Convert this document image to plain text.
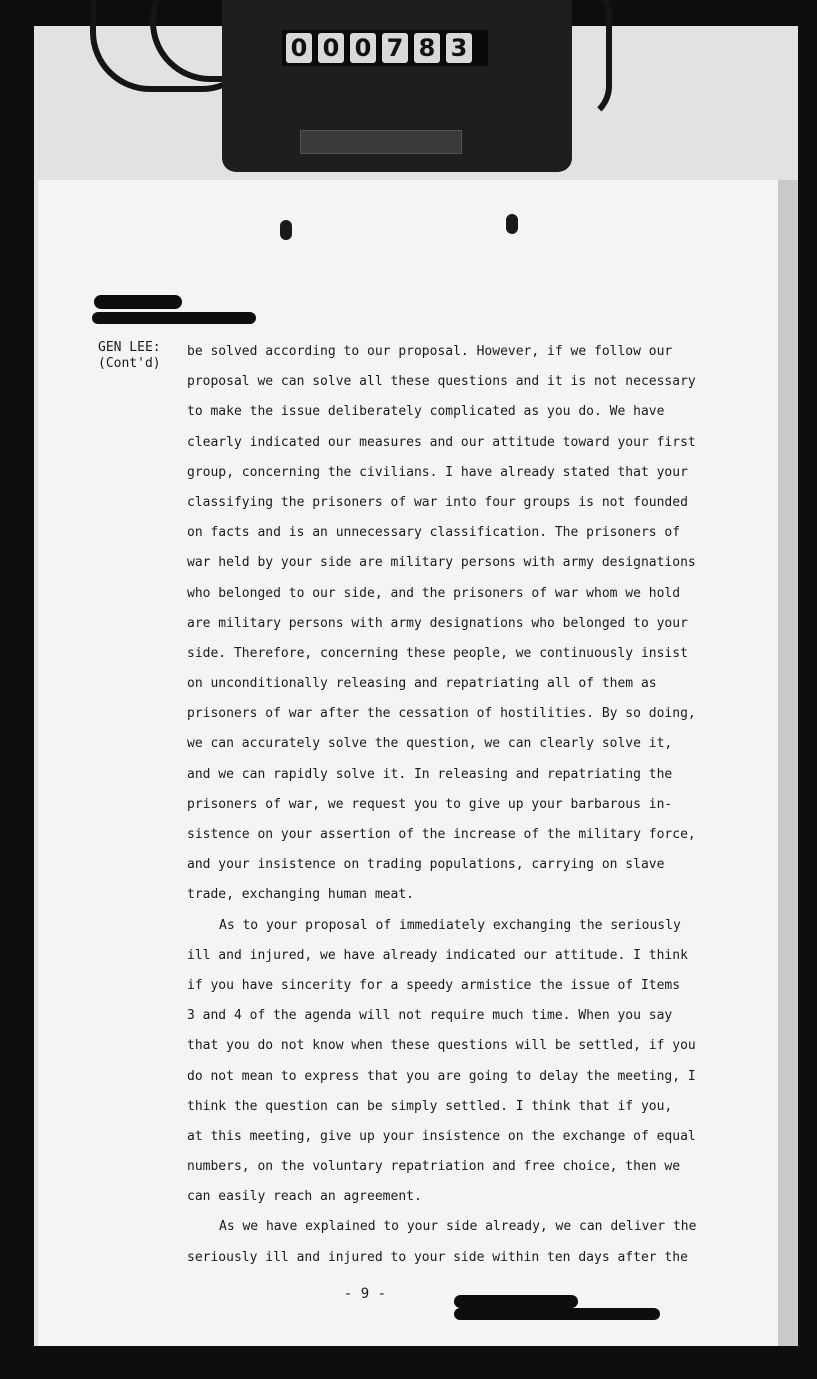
0 0 0 7 8 3
GEN LEE:
(Cont'd)
be solved according to our proposal. However, if we follow our
proposal we can solve all these questions and it is not necessary
to make the issue deliberately complicated as you do. We have
clearly indicated our measures and our attitude toward your first
group, concerning the civilians. I have already stated that your
classifying the prisoners of war into four groups is not founded
on facts and is an unnecessary classification. The prisoners of
war held by your side are military persons with army designations
who belonged to our side, and the prisoners of war whom we hold
are military persons with army designations who belonged to your
side. Therefore, concerning these people, we continuously insist
on unconditionally releasing and repatriating all of them as
prisoners of war after the cessation of hostilities. By so doing,
we can accurately solve the question, we can clearly solve it,
and we can rapidly solve it. In releasing and repatriating the
prisoners of war, we request you to give up your barbarous in-
sistence on your assertion of the increase of the military force,
and your insistence on trading populations, carrying on slave
trade, exchanging human meat.
As to your proposal of immediately exchanging the seriously
ill and injured, we have already indicated our attitude. I think
if you have sincerity for a speedy armistice the issue of Items
3 and 4 of the agenda will not require much time. When you say
that you do not know when these questions will be settled, if you
do not mean to express that you are going to delay the meeting, I
think the question can be simply settled. I think that if you,
at this meeting, give up your insistence on the exchange of equal
numbers, on the voluntary repatriation and free choice, then we
can easily reach an agreement.
As we have explained to your side already, we can deliver the
seriously ill and injured to your side within ten days after the
- 9 -
